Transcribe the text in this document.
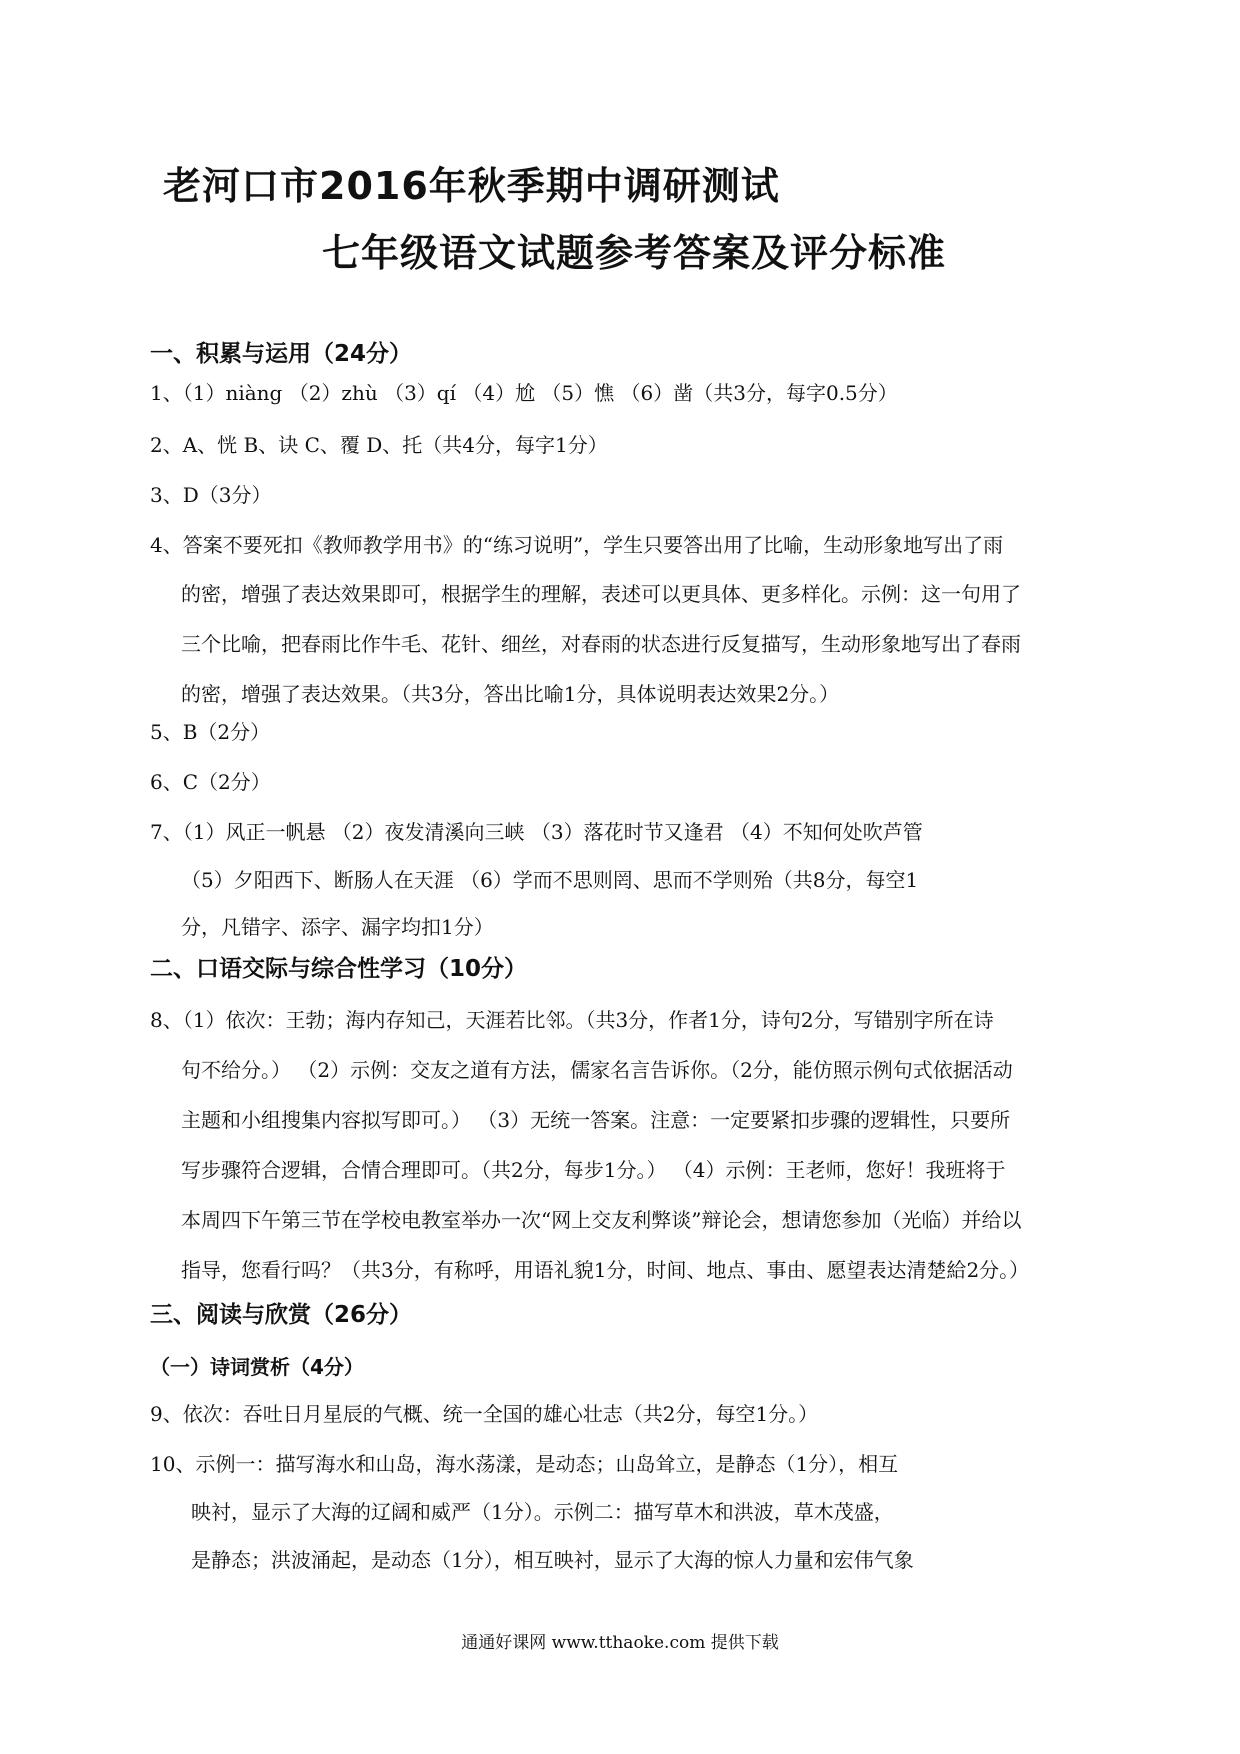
老河口市2016年秋季期中调研测试
七年级语文试题参考答案及评分标准
一、积累与运用（24分）
1、（1）niàng （2）zhù （3）qí （4）尬 （5）憔 （6）凿（共3分，每字0.5分）
2、A、恍 B、诀 C、覆 D、托（共4分，每字1分）
3、D（3分）
4、答案不要死扣《教师教学用书》的“练习说明”，学生只要答出用了比喻，生动形象地写出了雨
的密，增强了表达效果即可，根据学生的理解，表述可以更具体、更多样化。示例：这一句用了
三个比喻，把春雨比作牛毛、花针、细丝，对春雨的状态进行反复描写，生动形象地写出了春雨
的密，增强了表达效果。（共3分，答出比喻1分，具体说明表达效果2分。）
5、B（2分）
6、C（2分）
7、（1）风正一帆悬 （2）夜发清溪向三峡 （3）落花时节又逢君 （4）不知何处吹芦管
（5）夕阳西下、断肠人在天涯 （6）学而不思则罔、思而不学则殆（共8分，每空1
分，凡错字、添字、漏字均扣1分）
二、口语交际与综合性学习（10分）
8、（1）依次：王勃；海内存知己，天涯若比邻。（共3分，作者1分，诗句2分，写错别字所在诗
句不给分。） （2）示例：交友之道有方法，儒家名言告诉你。（2分，能仿照示例句式依据活动
主题和小组搜集内容拟写即可。） （3）无统一答案。注意：一定要紧扣步骤的逻辑性，只要所
写步骤符合逻辑，合情合理即可。（共2分，每步1分。） （4）示例：王老师，您好！我班将于
本周四下午第三节在学校电教室举办一次“网上交友利弊谈”辩论会，想请您参加（光临）并给以
指导，您看行吗？（共3分，有称呼，用语礼貌1分，时间、地点、事由、愿望表达清楚給2分。）
三、阅读与欣赏（26分）
（一）诗词赏析（4分）
9、依次：吞吐日月星辰的气概、统一全国的雄心壮志（共2分，每空1分。）
10、示例一：描写海水和山岛，海水荡漾，是动态；山岛耸立，是静态（1分），相互
映衬，显示了大海的辽阔和威严（1分）。示例二：描写草木和洪波，草木茂盛，
是静态；洪波涌起，是动态（1分），相互映衬，显示了大海的惊人力量和宏伟气象
通通好课网 www.tthaoke.com 提供下载
